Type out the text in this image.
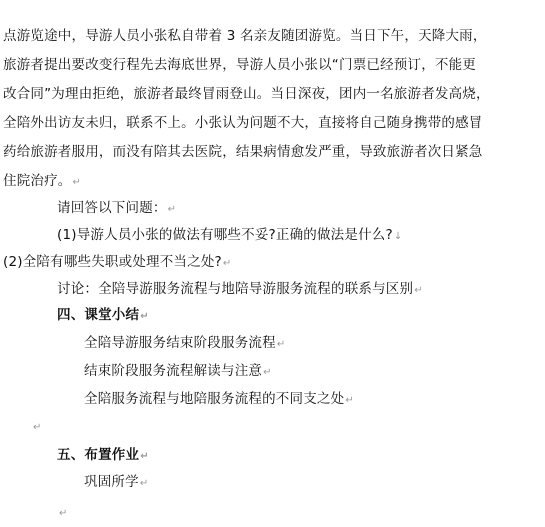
点游览途中，导游人员小张私自带着 3 名亲友随团游览。当日下午，天降大雨，
旅游者提出要改变行程先去海底世界，导游人员小张以“门票已经预订，不能更
改合同”为理由拒绝，旅游者最终冒雨登山。当日深夜，团内一名旅游者发高烧，
全陪外出访友未归，联系不上。小张认为问题不大，直接将自己随身携带的感冒
药给旅游者服用，而没有陪其去医院，结果病情愈发严重，导致旅游者次日紧急
住院治疗。↵
请回答以下问题：↵
(1)导游人员小张的做法有哪些不妥?正确的做法是什么?↓
(2)全陪有哪些失职或处理不当之处?↵
讨论：全陪导游服务流程与地陪导游服务流程的联系与区别↵
四、课堂小结↵
全陪导游服务结束阶段服务流程↵
结束阶段服务流程解读与注意↵
全陪服务流程与地陪服务流程的不同支之处↵
↵
五、布置作业↵
巩固所学↵
↵
